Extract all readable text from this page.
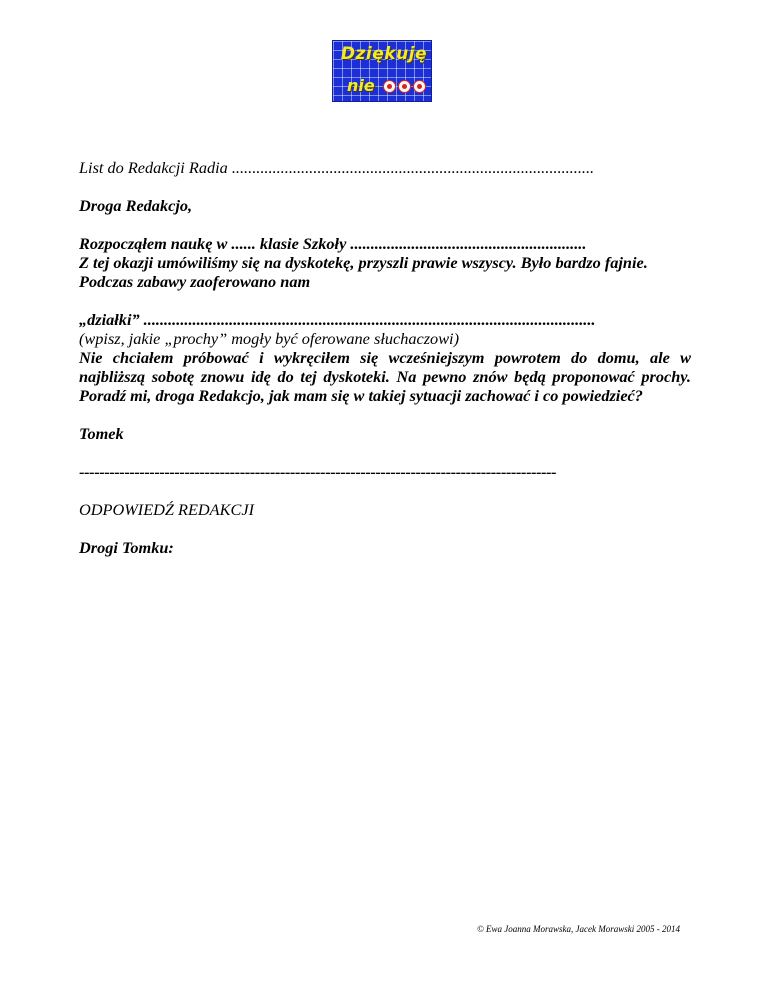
Dziękuję
nie

List do Redakcji Radia .........................................................................................

Droga Redakcjo,

Rozpocząłem naukę w ...... klasie Szkoły ..........................................................

Z tej okazji umówiliśmy się na dyskotekę, przyszli prawie wszyscy. Było bardzo fajnie. Podczas zabawy zaoferowano nam

„działki” ...............................................................................................................

(wpisz, jakie „prochy” mogły być oferowane słuchaczowi)

Nie chciałem próbować i wykręciłem się wcześniejszym powrotem do domu, ale w najbliższą sobotę znowu idę do tej dyskoteki. Na pewno znów będą proponować prochy. Poradź mi, droga Redakcjo, jak mam się w takiej sytuacji zachować i co powiedzieć?

Tomek

-----------------------------------------------------------------------------------------------

ODPOWIEDŹ REDAKCJI

Drogi Tomku:

© Ewa Joanna Morawska, Jacek Morawski 2005 - 2014
